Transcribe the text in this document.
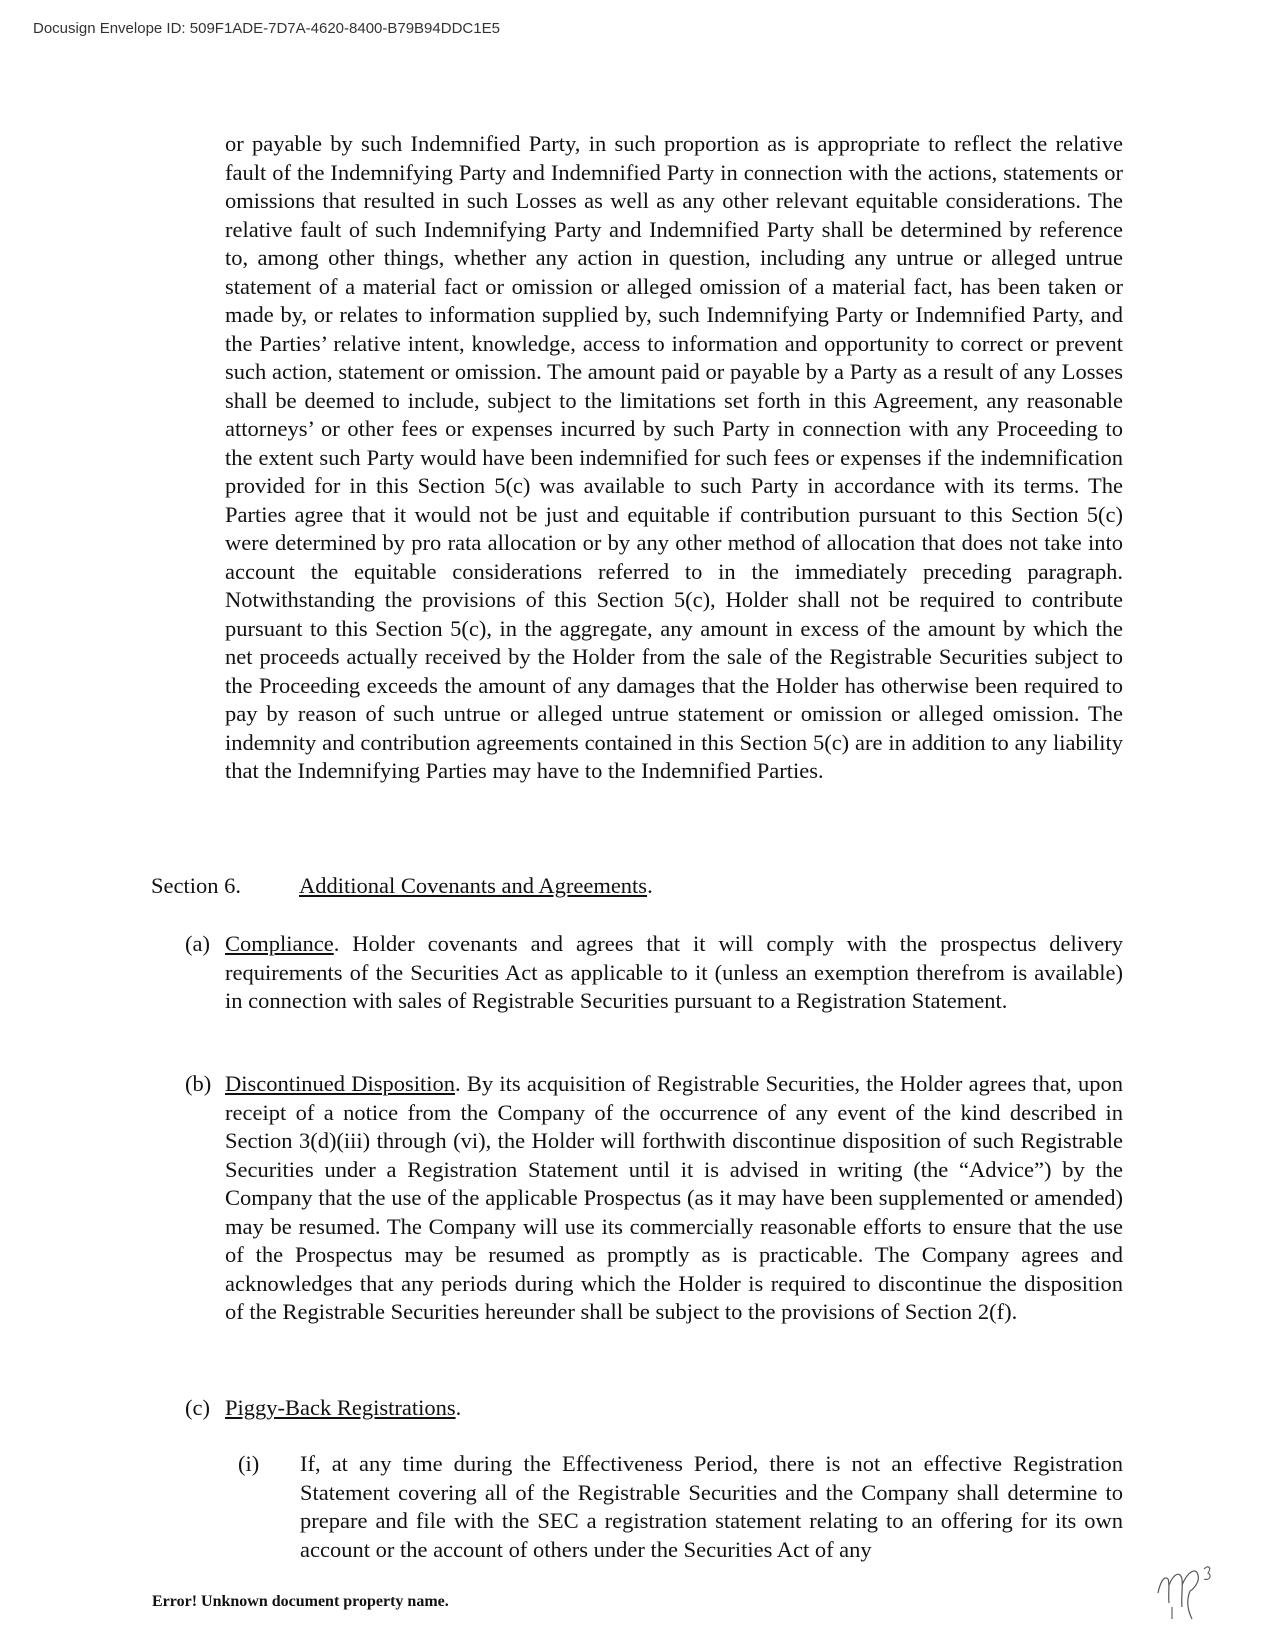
Docusign Envelope ID: 509F1ADE-7D7A-4620-8400-B79B94DDC1E5

or payable by such Indemnified Party, in such proportion as is appropriate to reflect the relative fault of the Indemnifying Party and Indemnified Party in connection with the actions, statements or omissions that resulted in such Losses as well as any other relevant equitable considerations. The relative fault of such Indemnifying Party and Indemnified Party shall be determined by reference to, among other things, whether any action in question, including any untrue or alleged untrue statement of a material fact or omission or alleged omission of a material fact, has been taken or made by, or relates to information supplied by, such Indemnifying Party or Indemnified Party, and the Parties’ relative intent, knowledge, access to information and opportunity to correct or prevent such action, statement or omission. The amount paid or payable by a Party as a result of any Losses shall be deemed to include, subject to the limitations set forth in this Agreement, any reasonable attorneys’ or other fees or expenses incurred by such Party in connection with any Proceeding to the extent such Party would have been indemnified for such fees or expenses if the indemnification provided for in this Section 5(c) was available to such Party in accordance with its terms. The Parties agree that it would not be just and equitable if contribution pursuant to this Section 5(c) were determined by pro rata allocation or by any other method of allocation that does not take into account the equitable considerations referred to in the immediately preceding paragraph. Notwithstanding the provisions of this Section 5(c), Holder shall not be required to contribute pursuant to this Section 5(c), in the aggregate, any amount in excess of the amount by which the net proceeds actually received by the Holder from the sale of the Registrable Securities subject to the Proceeding exceeds the amount of any damages that the Holder has otherwise been required to pay by reason of such untrue or alleged untrue statement or omission or alleged omission. The indemnity and contribution agreements contained in this Section 5(c) are in addition to any liability that the Indemnifying Parties may have to the Indemnified Parties.

Section 6.	Additional Covenants and Agreements.
(a) Compliance. Holder covenants and agrees that it will comply with the prospectus delivery requirements of the Securities Act as applicable to it (unless an exemption therefrom is available) in connection with sales of Registrable Securities pursuant to a Registration Statement.

(b) Discontinued Disposition. By its acquisition of Registrable Securities, the Holder agrees that, upon receipt of a notice from the Company of the occurrence of any event of the kind described in Section 3(d)(iii) through (vi), the Holder will forthwith discontinue disposition of such Registrable Securities under a Registration Statement until it is advised in writing (the “Advice”) by the Company that the use of the applicable Prospectus (as it may have been supplemented or amended) may be resumed. The Company will use its commercially reasonable efforts to ensure that the use of the Prospectus may be resumed as promptly as is practicable. The Company agrees and acknowledges that any periods during which the Holder is required to discontinue the disposition of the Registrable Securities hereunder shall be subject to the provisions of Section 2(f).

(c) Piggy-Back Registrations.

(i) If, at any time during the Effectiveness Period, there is not an effective Registration Statement covering all of the Registrable Securities and the Company shall determine to prepare and file with the SEC a registration statement relating to an offering for its own account or the account of others under the Securities Act of any

Error! Unknown document property name.
